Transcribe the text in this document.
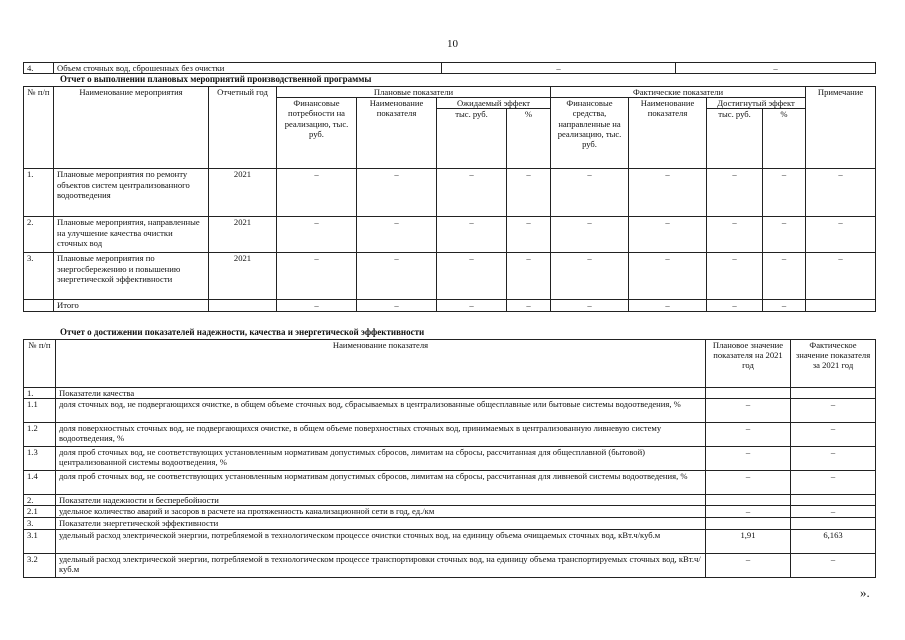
10
4.	Объем сточных вод, сброшенных без очистки	–	–
Отчет о выполнении плановых мероприятий производственной программы
№ п/п	Наименование мероприятия	Отчетный год	Плановые показатели				Фактические показатели				Примечание
			Финансовые потребности на реализацию, тыс. руб.	Наименование показателя	Ожидаемый эффект		Финансовые средства, направленные на реализацию, тыс. руб.	Наименование показателя	Достигнутый эффект		
					тыс. руб.	%			тыс. руб.	%	
1.	Плановые мероприятия по ремонту объектов систем централизованного водоотведения	2021	–	–	–	–	–	–	–	–	–
2.	Плановые мероприятия, направленные на улучшение качества очистки сточных вод	2021	–	–	–	–	–	–	–	–	–
3.	Плановые мероприятия по энергосбережению и повышению энергетической эффективности	2021	–	–	–	–	–	–	–	–	–
	Итого		–	–	–	–	–	–	–	–	
Отчет о достижении показателей надежности, качества и энергетической эффективности
№ п/п	Наименование показателя	Плановое значение показателя на 2021 год	Фактическое значение показателя за 2021 год
1.	Показатели качества		
1.1	доля сточных вод, не подвергающихся очистке, в общем объеме сточных вод, сбрасываемых в централизованные общесплавные или бытовые системы водоотведения, %	–	–
1.2	доля поверхностных сточных вод, не подвергающихся очистке, в общем объеме поверхностных сточных вод, принимаемых в централизованную ливневую систему водоотведения, %	–	–
1.3	доля проб сточных вод, не соответствующих установленным нормативам допустимых сбросов, лимитам на сбросы, рассчитанная для общесплавной (бытовой) централизованной системы водоотведения, %	–	–
1.4	доля проб сточных вод, не соответствующих установленным нормативам допустимых сбросов, лимитам на сбросы, рассчитанная для ливневой системы водоотведения, %	–	–
2.	Показатели надежности и бесперебойности		
2.1	удельное количество аварий и засоров в расчете на протяженность канализационной сети в год, ед./км	–	–
3.	Показатели энергетической эффективности		
3.1	удельный расход электрической энергии, потребляемой в технологическом процессе очистки сточных вод, на единицу объема очищаемых сточных вод, кВт.ч/куб.м	1,91	6,163
3.2	удельный расход электрической энергии, потребляемой в технологическом процессе транспортировки сточных вод, на единицу объема транспортируемых сточных вод, кВт.ч/куб.м	–	–
».
